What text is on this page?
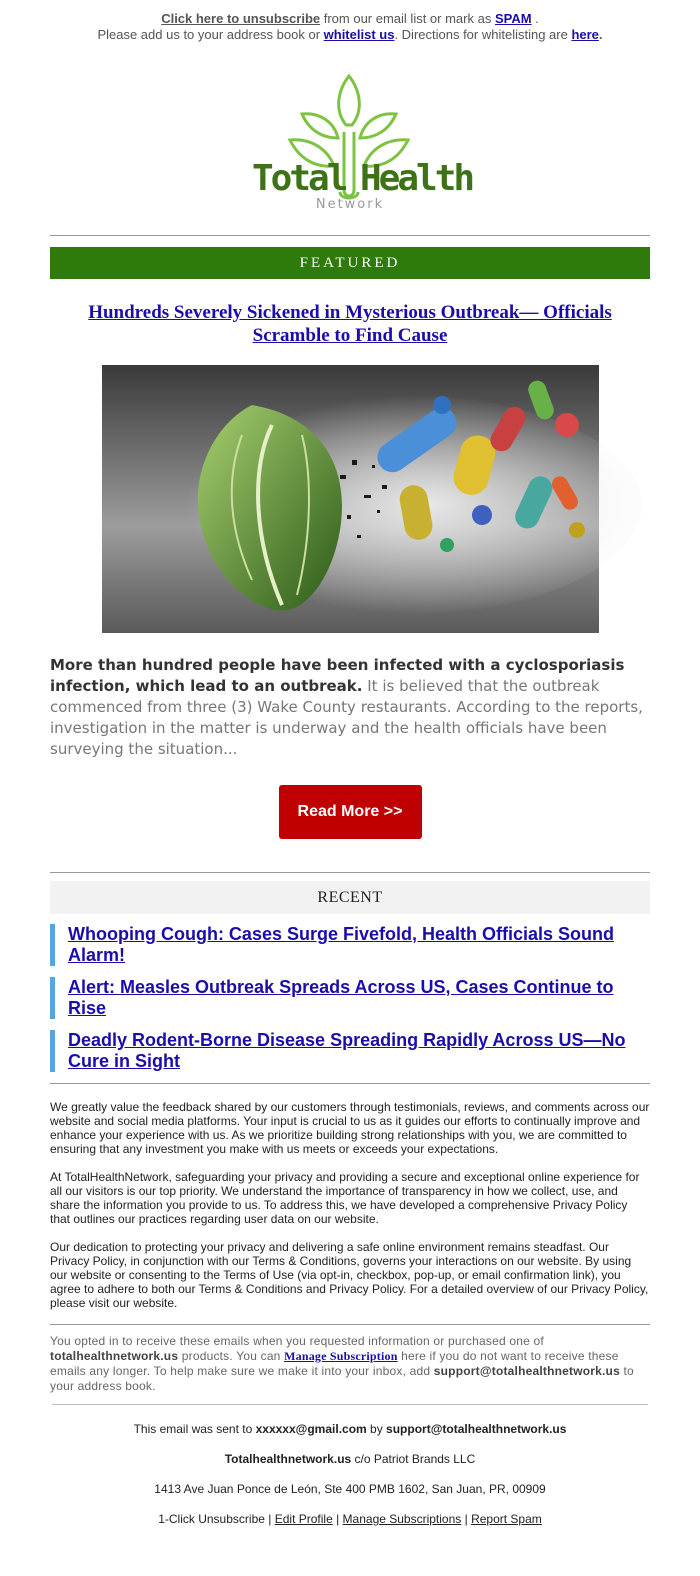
Click here to unsubscribe from our email list or mark as SPAM .
Please add us to your address book or whitelist us. Directions for whitelisting are here.
Total Health
Network
FEATURED
Hundreds Severely Sickened in Mysterious Outbreak— Officials Scramble to Find Cause
More than hundred people have been infected with a cyclosporiasis infection, which lead to an outbreak. It is believed that the outbreak commenced from three (3) Wake County restaurants. According to the reports, investigation in the matter is underway and the health officials have been surveying the situation...
Read More >>
RECENT
Whooping Cough: Cases Surge Fivefold, Health Officials Sound Alarm!
Alert: Measles Outbreak Spreads Across US, Cases Continue to Rise
Deadly Rodent-Borne Disease Spreading Rapidly Across US—No Cure in Sight

We greatly value the feedback shared by our customers through testimonials, reviews, and comments across our website and social media platforms. Your input is crucial to us as it guides our efforts to continually improve and enhance your experience with us. As we prioritize building strong relationships with you, we are committed to ensuring that any investment you make with us meets or exceeds your expectations.

At TotalHealthNetwork, safeguarding your privacy and providing a secure and exceptional online experience for all our visitors is our top priority. We understand the importance of transparency in how we collect, use, and share the information you provide to us. To address this, we have developed a comprehensive Privacy Policy that outlines our practices regarding user data on our website.

Our dedication to protecting your privacy and delivering a safe online environment remains steadfast. Our Privacy Policy, in conjunction with our Terms & Conditions, governs your interactions on our website. By using our website or consenting to the Terms of Use (via opt-in, checkbox, pop-up, or email confirmation link), you agree to adhere to both our Terms & Conditions and Privacy Policy. For a detailed overview of our Privacy Policy, please visit our website.

You opted in to receive these emails when you requested information or purchased one of totalhealthnetwork.us products. You can Manage Subscription here if you do not want to receive these emails any longer. To help make sure we make it into your inbox, add support@totalhealthnetwork.us to your address book.
This email was sent to xxxxxx@gmail.com by support@totalhealthnetwork.us
Totalhealthnetwork.us c/o Patriot Brands LLC
1413 Ave Juan Ponce de León, Ste 400 PMB 1602, San Juan, PR, 00909
1-Click Unsubscribe | Edit Profile | Manage Subscriptions | Report Spam
